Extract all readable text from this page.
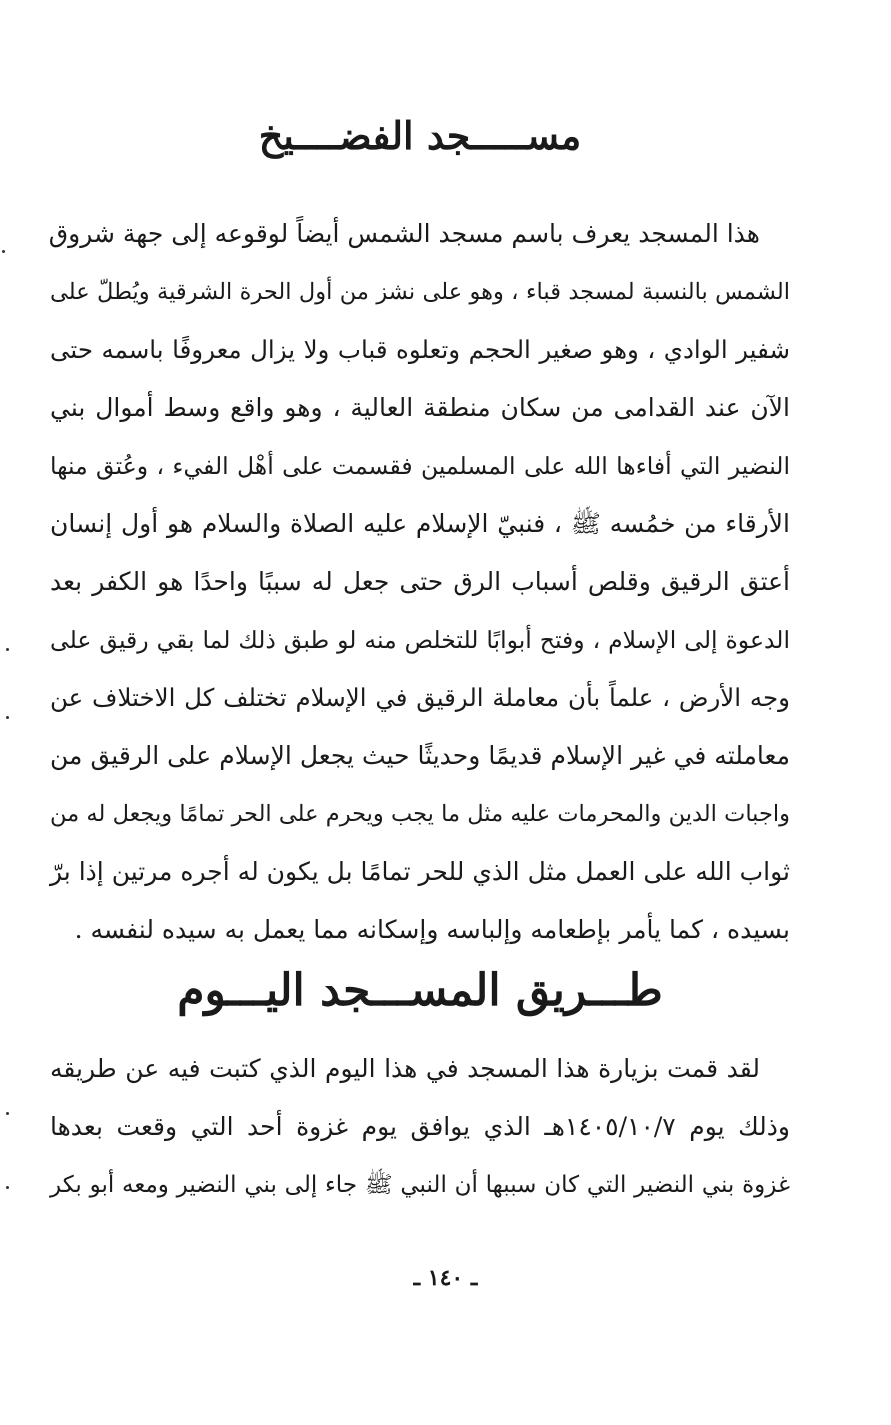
مســـــجد الفضــــيخ
هذا المسجد يعرف باسم مسجد الشمس أيضاً لوقوعه إلى جهة شروق
الشمس بالنسبة لمسجد قباء ، وهو على نشز من أول الحرة الشرقية ويُطلّ على
شفير الوادي ، وهو صغير الحجم وتعلوه قباب ولا يزال معروفًا باسمه حتى
الآن عند القدامى من سكان منطقة العالية ، وهو واقع وسط أموال بني
النضير التي أفاءها الله على المسلمين فقسمت على أهْل الفيء ، وعُتق منها
الأرقاء من خمُسه ﷺ ، فنبيّ الإسلام عليه الصلاة والسلام هو أول إنسان
أعتق الرقيق وقلص أسباب الرق حتى جعل له سببًا واحدًا هو الكفر بعد
الدعوة إلى الإسلام ، وفتح أبوابًا للتخلص منه لو طبق ذلك لما بقي رقيق على
وجه الأرض ، علماً بأن معاملة الرقيق في الإسلام تختلف كل الاختلاف عن
معاملته في غير الإسلام قديمًا وحديثًا حيث يجعل الإسلام على الرقيق من
واجبات الدين والمحرمات عليه مثل ما يجب ويحرم على الحر تمامًا ويجعل له من
ثواب الله على العمل مثل الذي للحر تمامًا بل يكون له أجره مرتين إذا برّ
بسيده ، كما يأمر بإطعامه وإلباسه وإسكانه مما يعمل به سيده لنفسه .
طـــريق المســـجد اليـــوم
لقد قمت بزيارة هذا المسجد في هذا اليوم الذي كتبت فيه عن طريقه
وذلك يوم ١٤٠٥/١٠/٧هـ الذي يوافق يوم غزوة أحد التي وقعت بعدها
غزوة بني النضير التي كان سببها أن النبي ﷺ جاء إلى بني النضير ومعه أبو بكر
ـ ١٤٠ ـ
